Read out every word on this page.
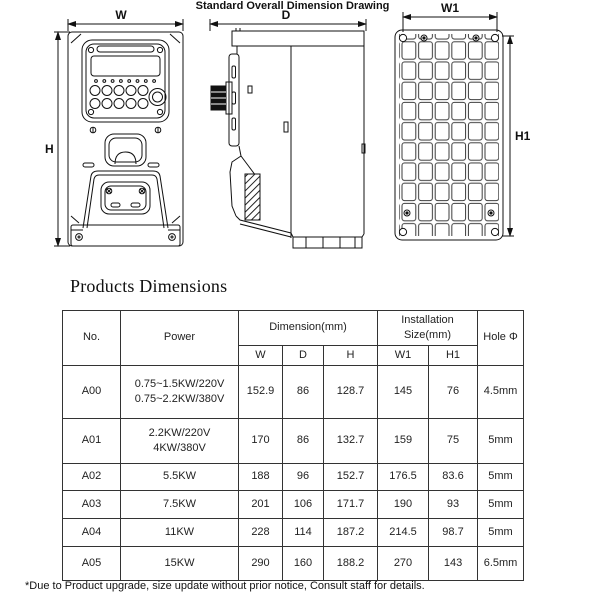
W
H
D	W1
H1
Standard Overall Dimension Drawing
Products Dimensions
No.	Power	Dimension(mm)			Installation Size(mm)		Hole Φ
		W	D	H	W1	H1	
A00	0.75~1.5KW/220V
0.75~2.2KW/380V	152.9	86	128.7	145	76	4.5mm
A01	2.2KW/220V
4KW/380V	170	86	132.7	159	75	5mm
A02	5.5KW	188	96	152.7	176.5	83.6	5mm
A03	7.5KW	201	106	171.7	190	93	5mm
A04	11KW	228	114	187.2	214.5	98.7	5mm
A05	15KW	290	160	188.2	270	143	6.5mm
*Due to Product upgrade, size update without prior notice, Consult staff for details.
